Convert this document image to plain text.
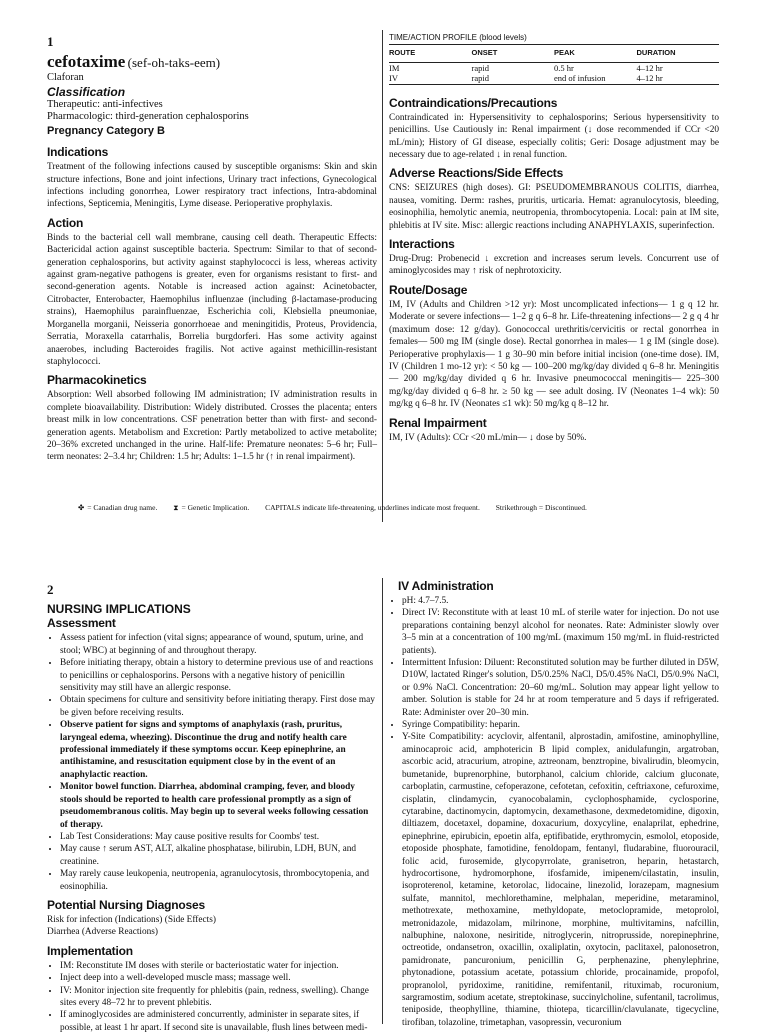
1
cefotaxime (sef-oh-taks-eem)
Claforan
Classification
Therapeutic: anti-infectives
Pharmacologic: third-generation cephalosporins
Pregnancy Category B
Indications

Treatment of the following infections caused by susceptible organisms: Skin and skin structure infections, Bone and joint infections, Urinary tract infections, Gynecological infections including gonorrhea, Lower respiratory tract infections, Intra-abdominal infections, Septicemia, Meningitis, Lyme disease. Perioperative prophylaxis.

Action

Binds to the bacterial cell wall membrane, causing cell death. Therapeutic Effects: Bactericidal action against susceptible bacteria. Spectrum: Similar to that of second-generation cephalosporins, but activity against staphylococci is less, whereas activity against gram-negative pathogens is greater, even for organisms resistant to first- and second-generation agents. Notable is increased action against: Acinetobacter, Citrobacter, Enterobacter, Haemophilus influenzae (including β-lactamase-producing strains), Haemophilus parainfluenzae, Escherichia coli, Klebsiella pneumoniae, Morganella morganii, Neisseria gonorrhoeae and meningitidis, Proteus, Providencia, Serratia, Moraxella catarrhalis, Borrelia burgdorferi. Has some activity against anaerobes, including Bacteroides fragilis. Not active against methicillin-resistant staphylococci.

Pharmacokinetics

Absorption: Well absorbed following IM administration; IV administration results in complete bioavailability. Distribution: Widely distributed. Crosses the placenta; enters breast milk in low concentrations. CSF penetration better than with first- and second-generation agents. Metabolism and Excretion: Partly metabolized to active metabolite; 20–36% excreted unchanged in the urine. Half-life: Premature neonates: 5–6 hr; Full–term neonates: 2–3.4 hr; Children: 1.5 hr; Adults: 1–1.5 hr (↑ in renal impairment).

TIME/ACTION PROFILE (blood levels)
ROUTE	ONSET	PEAK	DURATION
IM	rapid	0.5 hr	4–12 hr
IV	rapid	end of infusion	4–12 hr
Contraindications/Precautions

Contraindicated in: Hypersensitivity to cephalosporins; Serious hypersensitivity to penicillins. Use Cautiously in: Renal impairment (↓ dose recommended if CCr <20 mL/min); History of GI disease, especially colitis; Geri: Dosage adjustment may be necessary due to age-related ↓ in renal function.

Adverse Reactions/Side Effects

CNS: SEIZURES (high doses). GI: PSEUDOMEMBRANOUS COLITIS, diarrhea, nausea, vomiting. Derm: rashes, pruritis, urticaria. Hemat: agranulocytosis, bleeding, eosinophilia, hemolytic anemia, neutropenia, thrombocytopenia. Local: pain at IM site, phlebitis at IV site. Misc: allergic reactions including ANAPHYLAXIS, superinfection.

Interactions

Drug-Drug: Probenecid ↓ excretion and increases serum levels. Concurrent use of aminoglycosides may ↑ risk of nephrotoxicity.

Route/Dosage

IM, IV (Adults and Children >12 yr): Most uncomplicated infections— 1 g q 12 hr. Moderate or severe infections— 1–2 g q 6–8 hr. Life-threatening infections— 2 g q 4 hr (maximum dose: 12 g/day). Gonococcal urethritis/cervicitis or rectal gonorrhea in females— 500 mg IM (single dose). Rectal gonorrhea in males— 1 g IM (single dose). Perioperative prophylaxis— 1 g 30–90 min before initial incision (one-time dose). IM, IV (Children 1 mo-12 yr): < 50 kg — 100–200 mg/kg/day divided q 6–8 hr. Meningitis— 200 mg/kg/day divided q 6 hr. Invasive pneumococcal meningitis— 225–300 mg/kg/day divided q 6–8 hr. ≥ 50 kg — see adult dosing. IV (Neonates 1–4 wk): 50 mg/kg q 6–8 hr. IV (Neonates ≤1 wk): 50 mg/kg q 8–12 hr.

Renal Impairment

IM, IV (Adults): CCr <20 mL/min— ↓ dose by 50%.

✤ = Canadian drug name. ⧗ = Genetic Implication. CAPITALS indicate life-threatening, underlines indicate most frequent. Strikethrough = Discontinued.
2
NURSING IMPLICATIONS
Assessment
• Assess patient for infection (vital signs; appearance of wound, sputum, urine, and stool; WBC) at beginning of and throughout therapy.
• Before initiating therapy, obtain a history to determine previous use of and reactions to penicillins or cephalosporins. Persons with a negative history of penicillin sensitivity may still have an allergic response.
• Obtain specimens for culture and sensitivity before initiating therapy. First dose may be given before receiving results.
• Observe patient for signs and symptoms of anaphylaxis (rash, pruritus, laryngeal edema, wheezing). Discontinue the drug and notify health care professional immediately if these symptoms occur. Keep epinephrine, an antihistamine, and resuscitation equipment close by in the event of an anaphylactic reaction.
• Monitor bowel function. Diarrhea, abdominal cramping, fever, and bloody stools should be reported to health care professional promptly as a sign of pseudomembranous colitis. May begin up to several weeks following cessation of therapy.
• Lab Test Considerations: May cause positive results for Coombs' test.
• May cause ↑ serum AST, ALT, alkaline phosphatase, bilirubin, LDH, BUN, and creatinine.
• May rarely cause leukopenia, neutropenia, agranulocytosis, thrombocytopenia, and eosinophilia.
Potential Nursing Diagnoses
Risk for infection (Indications) (Side Effects)
Diarrhea (Adverse Reactions)
Implementation
• IM: Reconstitute IM doses with sterile or bacteriostatic water for injection.
• Inject deep into a well-developed muscle mass; massage well.
• IV: Monitor injection site frequently for phlebitis (pain, redness, swelling). Change sites every 48–72 hr to prevent phlebitis.
• If aminoglycosides are administered concurrently, administer in separate sites, if possible, at least 1 hr apart. If second site is unavailable, flush lines between medi-
IV Administration
• pH: 4.7–7.5.
• Direct IV: Reconstitute with at least 10 mL of sterile water for injection. Do not use preparations containing benzyl alcohol for neonates. Rate: Administer slowly over 3–5 min at a concentration of 100 mg/mL (maximum 150 mg/mL in fluid-restricted patients).
• Intermittent Infusion: Diluent: Reconstituted solution may be further diluted in D5W, D10W, lactated Ringer's solution, D5/0.25% NaCl, D5/0.45% NaCl, D5/0.9% NaCl, or 0.9% NaCl. Concentration: 20–60 mg/mL. Solution may appear light yellow to amber. Solution is stable for 24 hr at room temperature and 5 days if refrigerated. Rate: Administer over 20–30 min.
• Syringe Compatibility: heparin.
• Y-Site Compatibility: acyclovir, alfentanil, alprostadin, amifostine, aminophylline, aminocaproic acid, amphotericin B lipid complex, anidulafungin, argatroban, ascorbic acid, atracurium, atropine, aztreonam, benztropine, bivalirudin, bleomycin, bumetanide, buprenorphine, butorphanol, calcium chloride, calcium gluconate, carboplatin, carmustine, cefoperazone, cefotetan, cefoxitin, ceftriaxone, cefuroxime, cisplatin, clindamycin, cyanocobalamin, cyclophosphamide, cyclosporine, cytarabine, dactinomycin, daptomycin, dexamethasone, dexmedetomidine, digoxin, diltiazem, docetaxel, dopamine, doxacurium, doxycyline, enalaprilat, ephedrine, epinephrine, epirubicin, epoetin alfa, eptifibatide, erythromycin, esmolol, etoposide, etoposide phosphate, famotidine, fenoldopam, fentanyl, fludarabine, fluorouracil, folic acid, furosemide, glycopyrrolate, granisetron, heparin, hetastarch, hydrocortisone, hydromorphone, ifosfamide, imipenem/cilastatin, insulin, isoproterenol, ketamine, ketorolac, lidocaine, linezolid, lorazepam, magnesium sulfate, mannitol, mechlorethamine, melphalan, meperidine, metaraminol, methotrexate, methoxamine, methyldopate, metoclopramide, metoprolol, metronidazole, midazolam, milrinone, morphine, multivitamins, nafcillin, nalbuphine, naloxone, nesiritide, nitroglycerin, nitroprusside, norepinephrine, octreotide, ondansetron, oxacillin, oxaliplatin, oxytocin, paclitaxel, palonosetron, pamidronate, pancuronium, penicillin G, perphenazine, phenylephrine, phytonadione, potassium acetate, potassium chloride, procainamide, propofol, propranolol, pyridoxime, ranitidine, remifentanil, rituximab, rocuronium, sargramostim, sodium acetate, streptokinase, succinylcholine, sufentanil, tacrolimus, teniposide, theophylline, thiamine, thiotepa, ticarcillin/clavulanate, tigecycline, tirofiban, tolazoline, trimetaphan, vasopressin, vecuronium
